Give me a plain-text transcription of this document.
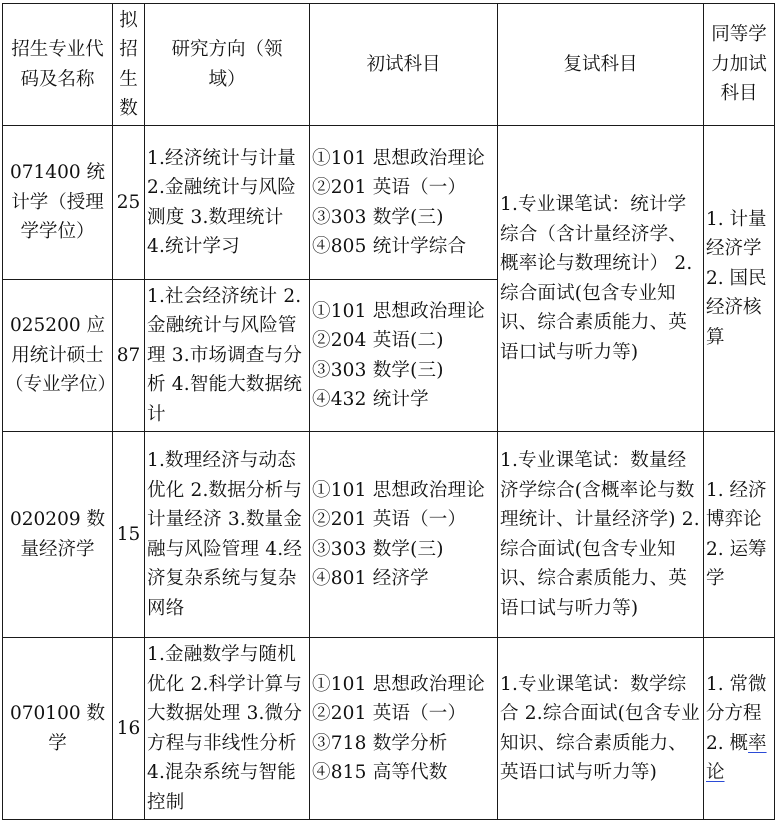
招生专业代码及名称	拟招生数	研究方向（领域）	初试科目	复试科目	同等学力加试科目
071400 统计学（授理学学位）	25	1.经济统计与计量 2.金融统计与风险测度 3.数理统计 4.统计学习	①101 思想政治理论
②201 英语（一）
③303 数学(三)
④805 统计学综合	1.专业课笔试：统计学综合（含计量经济学、概率论与数理统计） 2.综合面试(包含专业知识、综合素质能力、英语口试与听力等)	1. 计量经济学 2. 国民经济核算
025200 应用统计硕士（专业学位）	87	1.社会经济统计 2.金融统计与风险管理 3.市场调查与分析 4.智能大数据统计	①101 思想政治理论
②204 英语(二)
③303 数学(三)
④432 统计学		

020209 数量经济学	15	1.数理经济与动态优化 2.数据分析与计量经济 3.数量金融与风险管理 4.经济复杂系统与复杂网络	①101 思想政治理论
②201 英语（一）
③303 数学(三)
④801 经济学	1.专业课笔试：数量经济学综合(含概率论与数理统计、计量经济学) 2.综合面试(包含专业知识、综合素质能力、英语口试与听力等)	1. 经济博弈论 2. 运筹学
070100 数学	16	1.金融数学与随机优化 2.科学计算与大数据处理 3.微分方程与非线性分析 4.混杂系统与智能控制	①101 思想政治理论
②201 英语（一）
③718 数学分析
④815 高等代数	1.专业课笔试：数学综合 2.综合面试(包含专业知识、综合素质能力、英语口试与听力等)	1. 常微分方程 2. 概率论
